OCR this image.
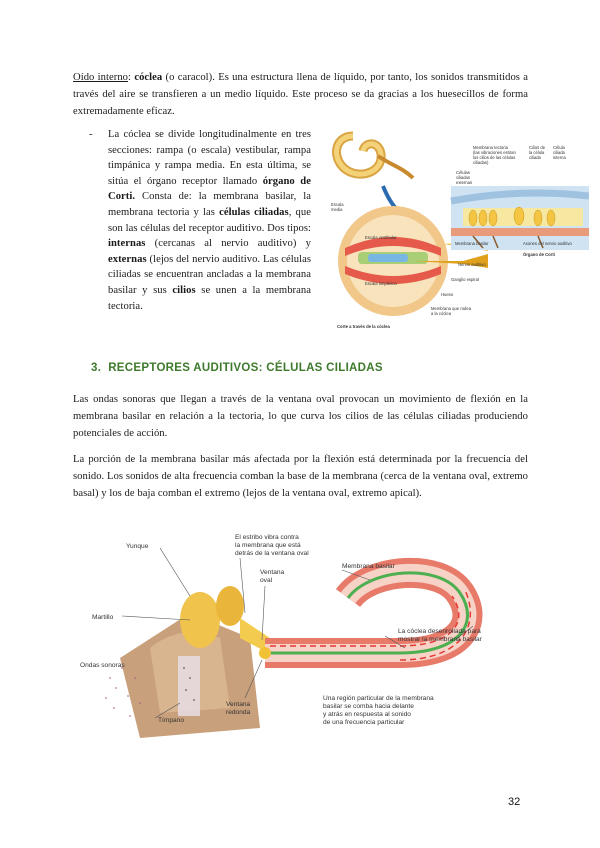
Oído interno: cóclea (o caracol). Es una estructura llena de líquido, por tanto, los sonidos transmitidos a través del aire se transfieren a un medio líquido. Este proceso se da gracias a los huesecillos de forma extremadamente eficaz.

- La cóclea se divide longitudinalmente en tres secciones: rampa (o escala) vestibular, rampa timpánica y rampa media. En esta última, se sitúa el órgano receptor llamado órgano de Corti. Consta de: la membrana basilar, la membrana tectoria y las células ciliadas, que son las células del receptor auditivo. Dos tipos: internas (cercanas al nervio auditivo) y externas (lejos del nervio auditivo. Las células ciliadas se encuentran ancladas a la membrana basilar y sus cilios se unen a la membrana tectoria.

Membrana tectoria
(las vibraciones estiran
los cilios de las células
ciliadas)
Cilios de
la célula
ciliada
Célula
ciliada
interna
Células
ciliadas
externas
Escala
media
Escala vestibular
Escala timpánica
Membrana basilar	Axones del nervio auditivo
Órgano de Corti
Nervio auditivo
Ganglio espiral
Hueso
Membrana que rodea
a la cóclea
Corte a través de la cóclea
3. RECEPTORES AUDITIVOS: CÉLULAS CILIADAS

Las ondas sonoras que llegan a través de la ventana oval provocan un movimiento de flexión en la membrana basilar en relación a la tectoria, lo que curva los cilios de las células ciliadas produciendo potenciales de acción.

La porción de la membrana basilar más afectada por la flexión está determinada por la frecuencia del sonido. Los sonidos de alta frecuencia comban la base de la membrana (cerca de la ventana oval, extremo basal) y los de baja comban el extremo (lejos de la ventana oval, extremo apical).

Yunque
El estribo vibra contra
la membrana que está
detrás de la ventana oval
Ventana
oval
Membrana basilar
Martillo
Ondas sonoras
Tímpano
Ventana
redonda
La cóclea desenrollada para
mostrar la membrana basilar
Una región particular de la membrana
basilar se comba hacia delante
y atrás en respuesta al sonido
de una frecuencia particular
32
